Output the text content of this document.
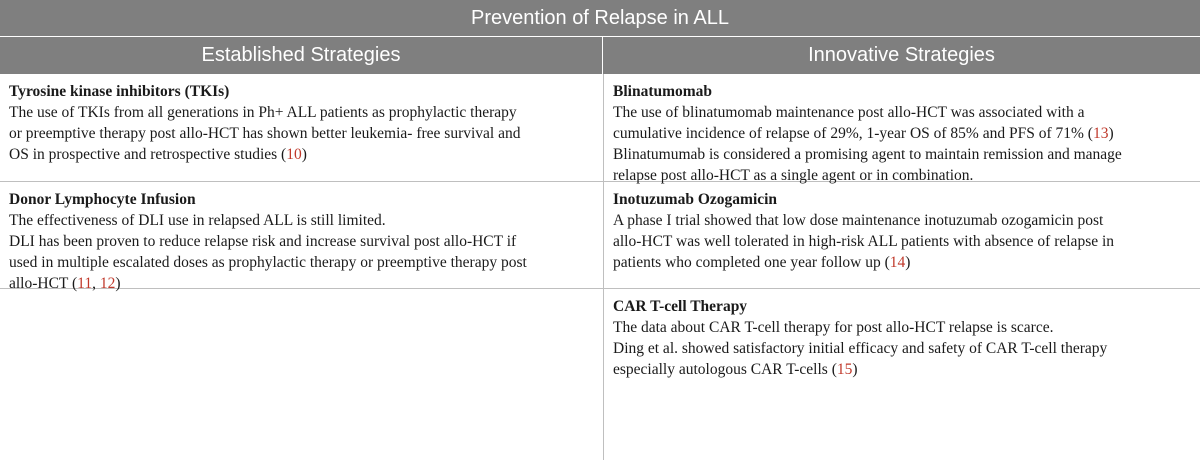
Prevention of Relapse in ALL
Established Strategies	Innovative Strategies
Tyrosine kinase inhibitors (TKIs)
The use of TKIs from all generations in Ph+ ALL patients as prophylactic therapy
or preemptive therapy post allo-HCT has shown better leukemia- free survival and
OS in prospective and retrospective studies (10)
Blinatumomab
The use of blinatumomab maintenance post allo-HCT was associated with a
cumulative incidence of relapse of 29%, 1-year OS of 85% and PFS of 71% (13)
Blinatumumab is considered a promising agent to maintain remission and manage
relapse post allo-HCT as a single agent or in combination.
Donor Lymphocyte Infusion
The effectiveness of DLI use in relapsed ALL is still limited.
DLI has been proven to reduce relapse risk and increase survival post allo-HCT if
used in multiple escalated doses as prophylactic therapy or preemptive therapy post
allo-HCT (11, 12)
Inotuzumab Ozogamicin
A phase I trial showed that low dose maintenance inotuzumab ozogamicin post
allo-HCT was well tolerated in high-risk ALL patients with absence of relapse in
patients who completed one year follow up (14)
CAR T-cell Therapy
The data about CAR T-cell therapy for post allo-HCT relapse is scarce.
Ding et al. showed satisfactory initial efficacy and safety of CAR T-cell therapy
especially autologous CAR T-cells (15)
